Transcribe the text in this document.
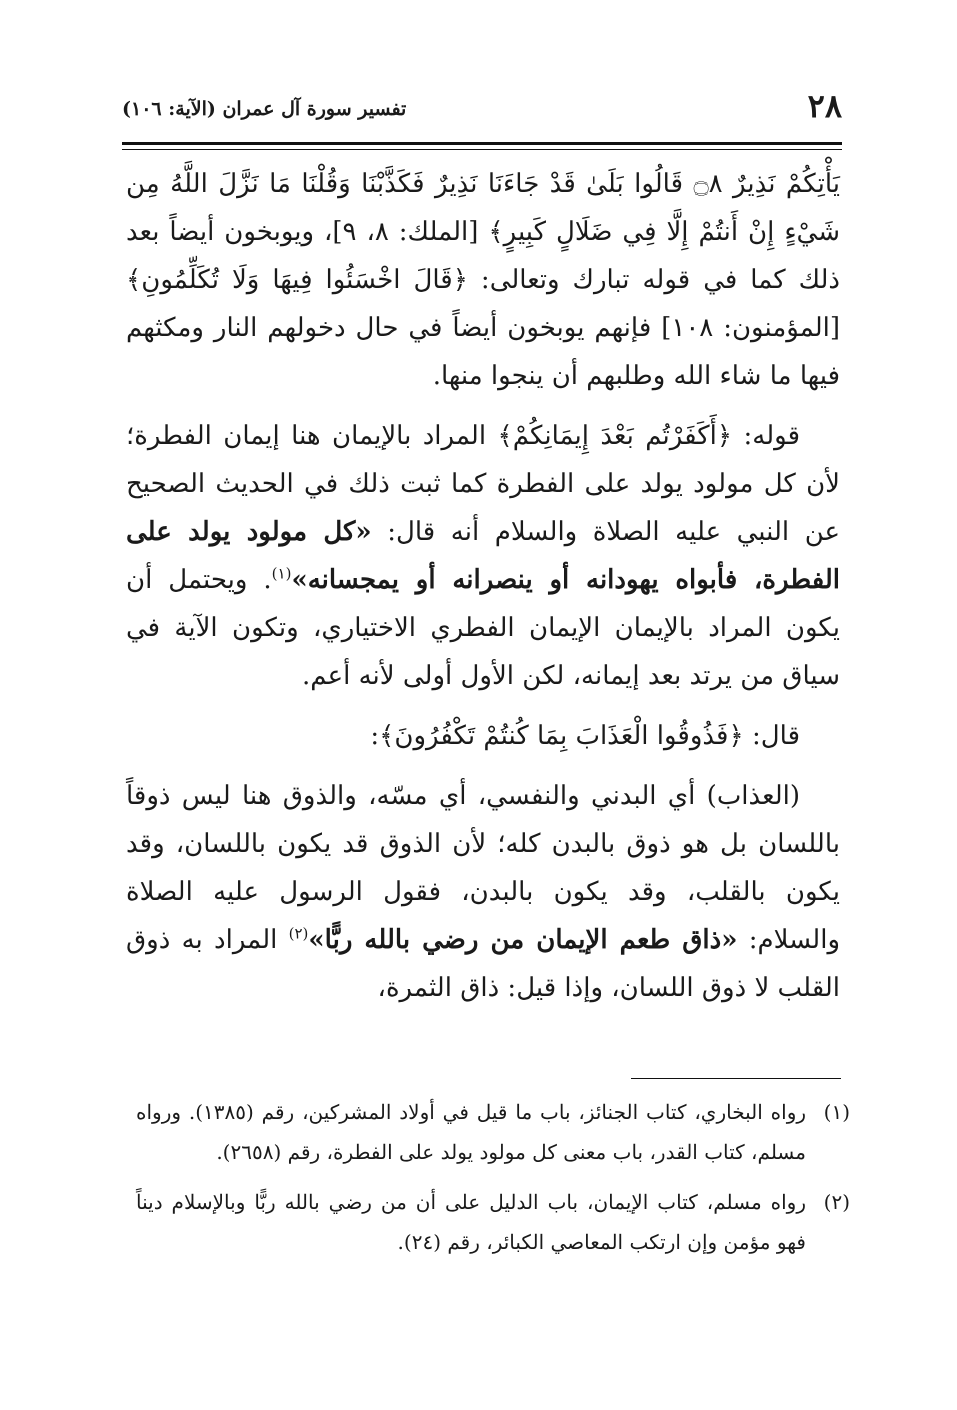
٢٨
تفسير سورة آل عمران (الآية: ١٠٦)

يَأْتِكُمْ نَذِيرٌ ۝٨ قَالُوا بَلَىٰ قَدْ جَاءَنَا نَذِيرٌ فَكَذَّبْنَا وَقُلْنَا مَا نَزَّلَ اللَّهُ مِن شَيْءٍ إِنْ أَنتُمْ إِلَّا فِي ضَلَالٍ كَبِيرٍ﴾ [الملك: ٨، ٩]، ويوبخون أيضاً بعد ذلك كما في قوله تبارك وتعالى: ﴿قَالَ اخْسَئُوا فِيهَا وَلَا تُكَلِّمُونِ﴾ [المؤمنون: ١٠٨] فإنهم يوبخون أيضاً في حال دخولهم النار ومكثهم فيها ما شاء الله وطلبهم أن ينجوا منها.

قوله: ﴿أَكَفَرْتُم بَعْدَ إِيمَانِكُمْ﴾ المراد بالإيمان هنا إيمان الفطرة؛ لأن كل مولود يولد على الفطرة كما ثبت ذلك في الحديث الصحيح عن النبي عليه الصلاة والسلام أنه قال: «كل مولود يولد على الفطرة، فأبواه يهودانه أو ينصرانه أو يمجسانه»$^{(١)}$. ويحتمل أن يكون المراد بالإيمان الإيمان الفطري الاختياري، وتكون الآية في سياق من يرتد بعد إيمانه، لكن الأول أولى لأنه أعم.

قال: ﴿فَذُوقُوا الْعَذَابَ بِمَا كُنتُمْ تَكْفُرُونَ﴾:

(العذاب) أي البدني والنفسي، أي مسّه، والذوق هنا ليس ذوقاً باللسان بل هو ذوق بالبدن كله؛ لأن الذوق قد يكون باللسان، وقد يكون بالقلب، وقد يكون بالبدن، فقول الرسول عليه الصلاة والسلام: «ذاق طعم الإيمان من رضي بالله ربًّا»$^{(٢)}$ المراد به ذوق القلب لا ذوق اللسان، وإذا قيل: ذاق الثمرة،

(١)
رواه البخاري، كتاب الجنائز، باب ما قيل في أولاد المشركين، رقم (١٣٨٥). ورواه مسلم، كتاب القدر، باب معنى كل مولود يولد على الفطرة، رقم (٢٦٥٨).
(٢)
رواه مسلم، كتاب الإيمان، باب الدليل على أن من رضي بالله ربًّا وبالإسلام ديناً فهو مؤمن وإن ارتكب المعاصي الكبائر، رقم (٢٤).
